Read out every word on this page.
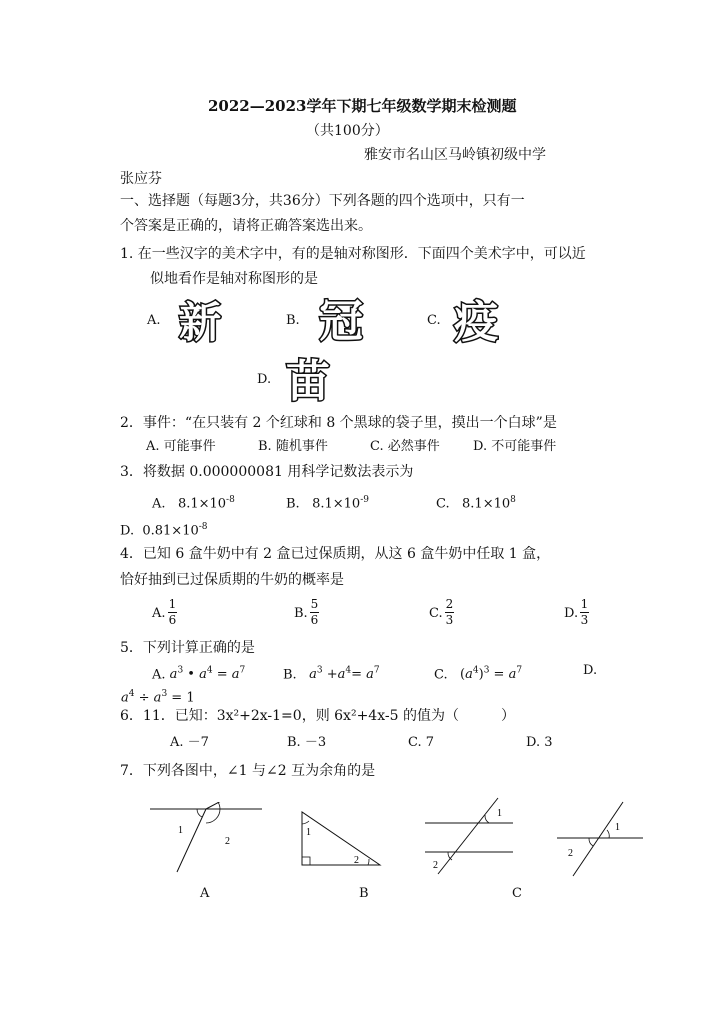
2022—2023学年下期七年级数学期末检测题
（共100分）
雅安市名山区马岭镇初级中学
张应芬
一、选择题（每题3分，共36分）下列各题的四个选项中，只有一
个答案是正确的，请将正确答案选出来。
1. 在一些汉字的美术字中，有的是轴对称图形．下面四个美术字中，可以近
似地看作是轴对称图形的是
A. 新	B. 冠	C. 疫
D. 苗
2．事件：“在只装有 2 个红球和 8 个黑球的袋子里，摸出一个白球”是
A. 可能事件	B. 随机事件	C. 必然事件	D. 不可能事件
3．将数据 0.000000081 用科学记数法表示为
A. $8.1\times 10^{-8}$	B. $8.1\times 10^{-9}$	C. $8.1\times 10^8$
D. $0.81\times 10^{-8}$
4．已知 6 盒牛奶中有 2 盒已过保质期，从这 6 盒牛奶中任取 1 盒，
恰好抽到已过保质期的牛奶的概率是
A.
1
6	B.
5
6	C.
2
3	D.
1
3
5．下列计算正确的是
A. $a^3$ • $a^4 = a^7$	B. $a^3 +a^4= a^7$	C. $(a^4)^3 = a^7$	D.
$a^4 \div a^3 = 1$
6．11．已知：3x²+2x-1=0，则 6x²+4x-5 的值为（　　　）
A. －7	B. －3	C. 7	D. 3
7．下列各图中，∠1 与∠2 互为余角的是
1
2
A
1
2
B
1
2
C
1
2
